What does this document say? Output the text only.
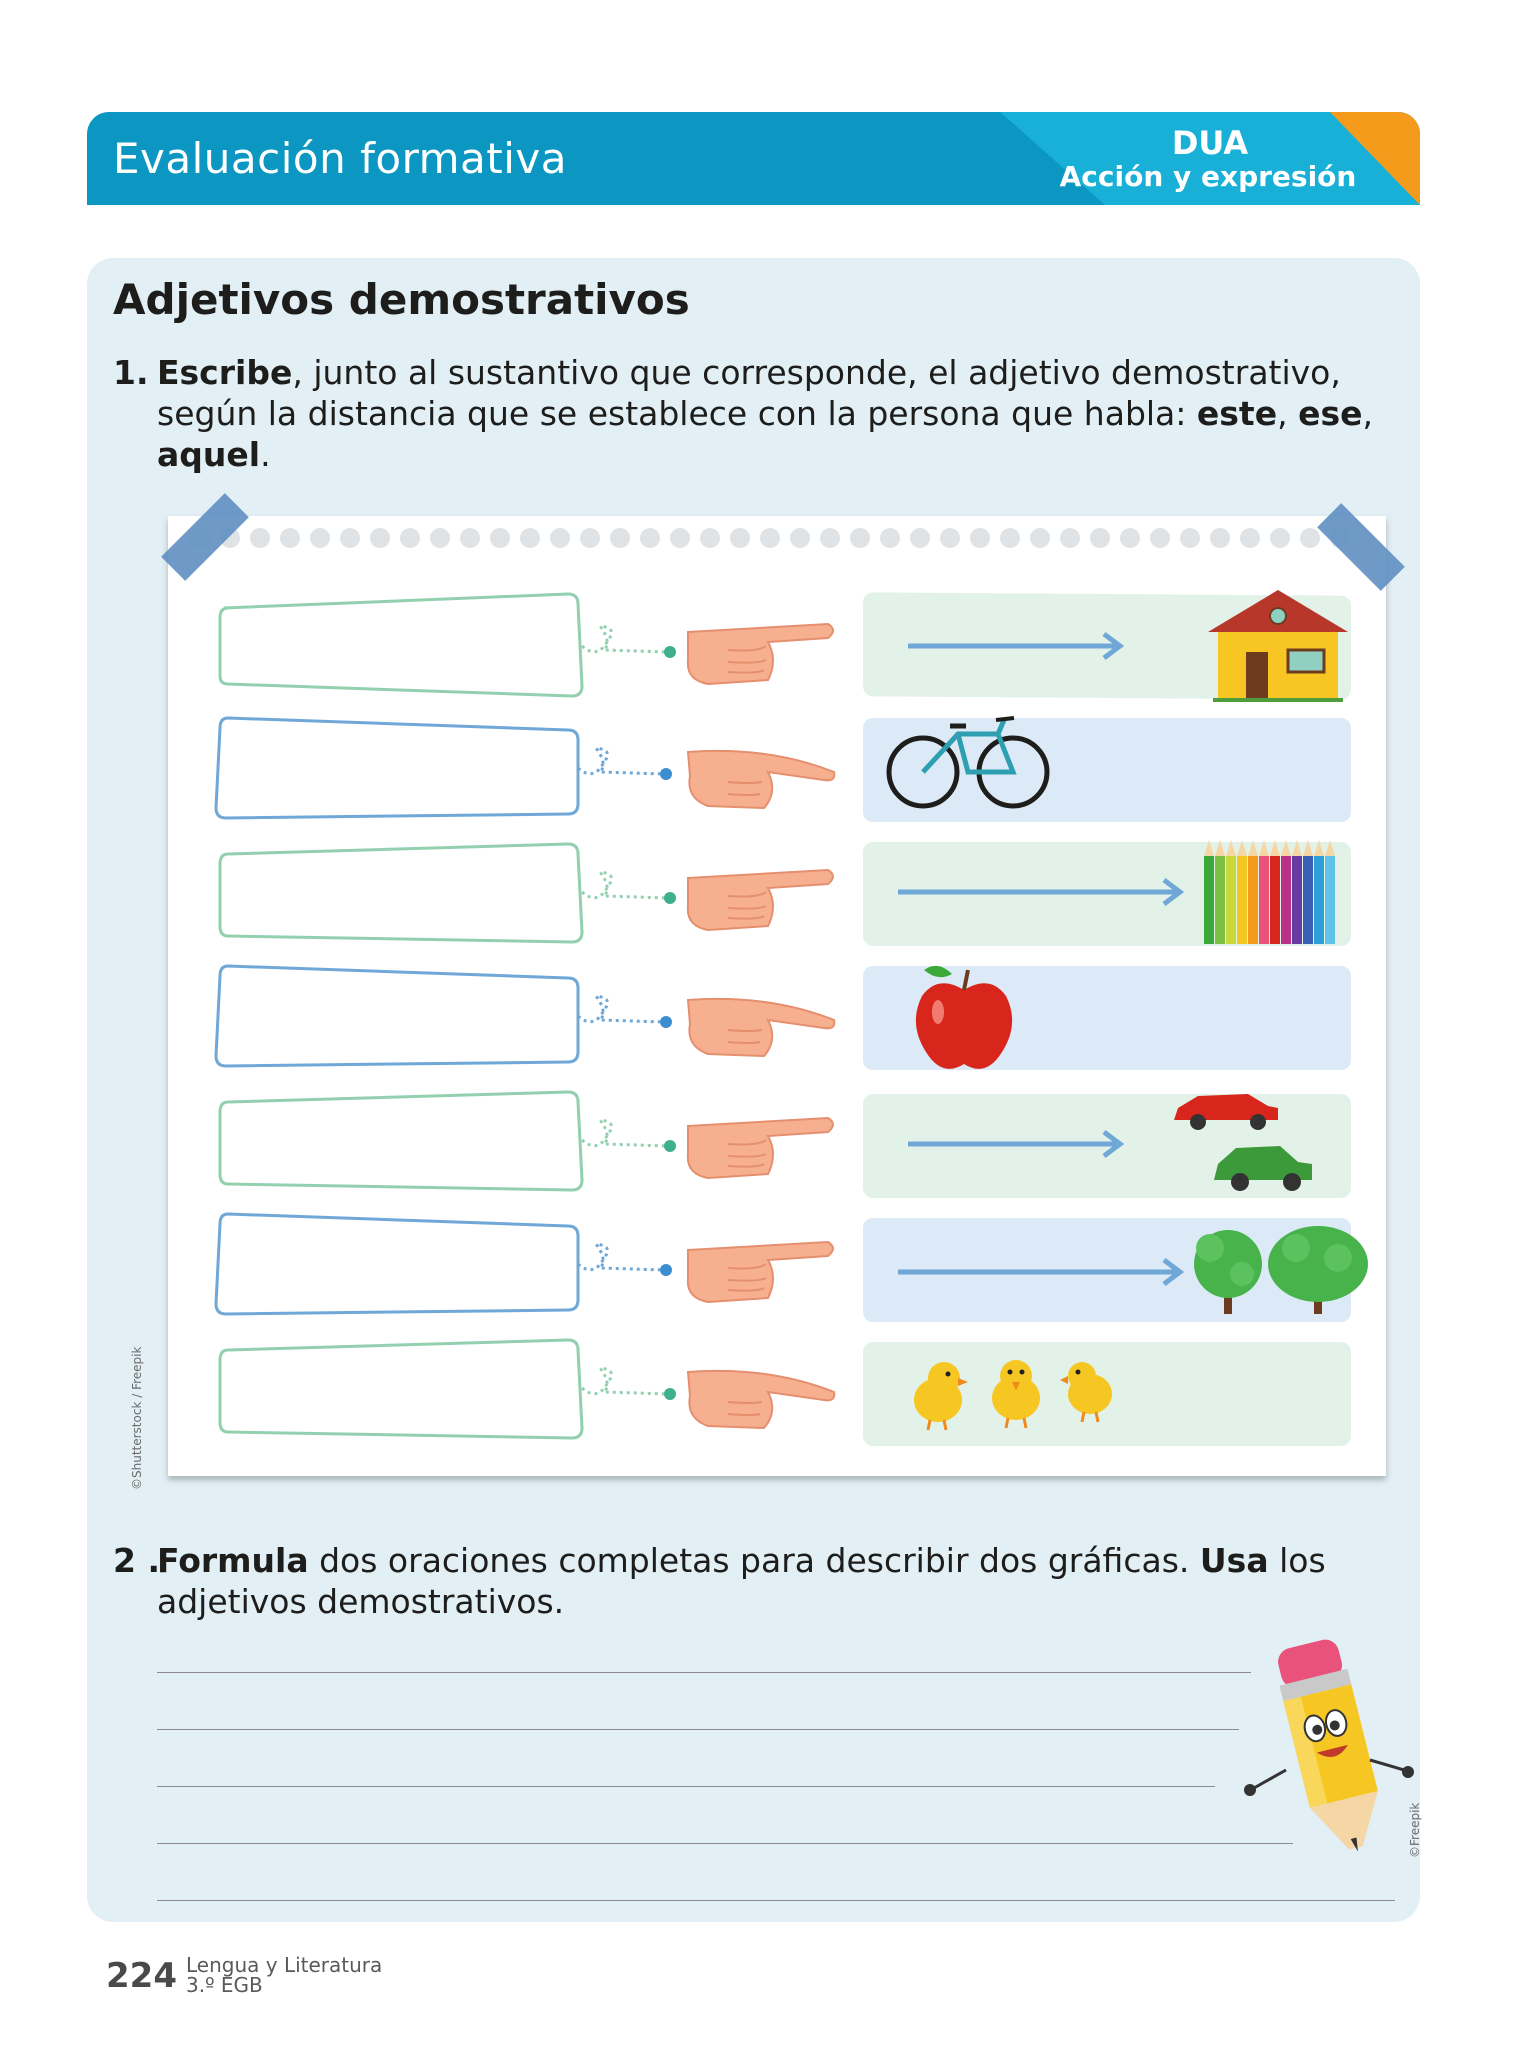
Evaluación formativa	DUA
Acción y expresión
Adjetivos demostrativos
1. Escribe, junto al sustantivo que corresponde, el adjetivo demostrativo, según la distancia que se establece con la persona que habla: este, ese, aquel.
©Shutterstock / Freepik
2 .
Formula dos oraciones completas para describir dos gráficas. Usa los adjetivos demostrativos.
©Freepik
224 Lengua y Literatura
3.º EGB
